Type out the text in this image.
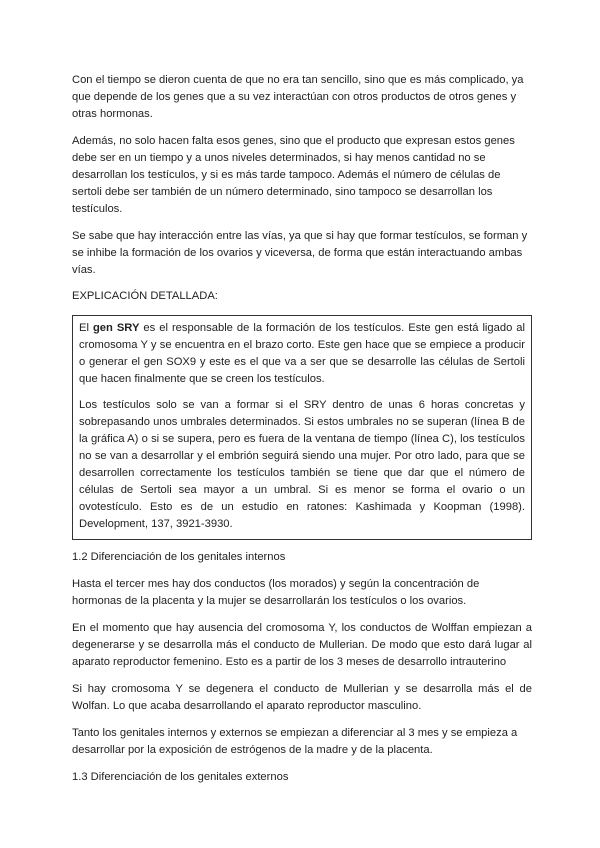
Con el tiempo se dieron cuenta de que no era tan sencillo, sino que es más complicado, ya que depende de los genes que a su vez interactúan con otros productos de otros genes y otras hormonas.

Además, no solo hacen falta esos genes, sino que el producto que expresan estos genes debe ser en un tiempo y a unos niveles determinados, si hay menos cantidad no se desarrollan los testículos, y si es más tarde tampoco. Además el número de células de sertoli debe ser también de un número determinado, sino tampoco se desarrollan los testículos.

Se sabe que hay interacción entre las vías, ya que si hay que formar testículos, se forman y se inhibe la formación de los ovarios y viceversa, de forma que están interactuando ambas vías.

EXPLICACIÓN DETALLADA:

El gen SRY es el responsable de la formación de los testículos. Este gen está ligado al cromosoma Y y se encuentra en el brazo corto. Este gen hace que se empiece a producir o generar el gen SOX9 y este es el que va a ser que se desarrolle las células de Sertoli que hacen finalmente que se creen los testículos.

Los testículos solo se van a formar si el SRY dentro de unas 6 horas concretas y sobrepasando unos umbrales determinados. Si estos umbrales no se superan (línea B de la gráfica A) o si se supera, pero es fuera de la ventana de tiempo (línea C), los testículos no se van a desarrollar y el embrión seguirá siendo una mujer. Por otro lado, para que se desarrollen correctamente los testículos también se tiene que dar que el número de células de Sertoli sea mayor a un umbral. Si es menor se forma el ovario o un ovotestículo. Esto es de un estudio en ratones: Kashimada y Koopman (1998). Development, 137, 3921-3930.

1.2 Diferenciación de los genitales internos

Hasta el tercer mes hay dos conductos (los morados) y según la concentración de hormonas de la placenta y la mujer se desarrollarán los testículos o los ovarios.

En el momento que hay ausencia del cromosoma Y, los conductos de Wolffan empiezan a degenerarse y se desarrolla más el conducto de Mullerian. De modo que esto dará lugar al aparato reproductor femenino. Esto es a partir de los 3 meses de desarrollo intrauterino

Si hay cromosoma Y se degenera el conducto de Mullerian y se desarrolla más el de Wolfan. Lo que acaba desarrollando el aparato reproductor masculino.

Tanto los genitales internos y externos se empiezan a diferenciar al 3 mes y se empieza a desarrollar por la exposición de estrógenos de la madre y de la placenta.

1.3 Diferenciación de los genitales externos
